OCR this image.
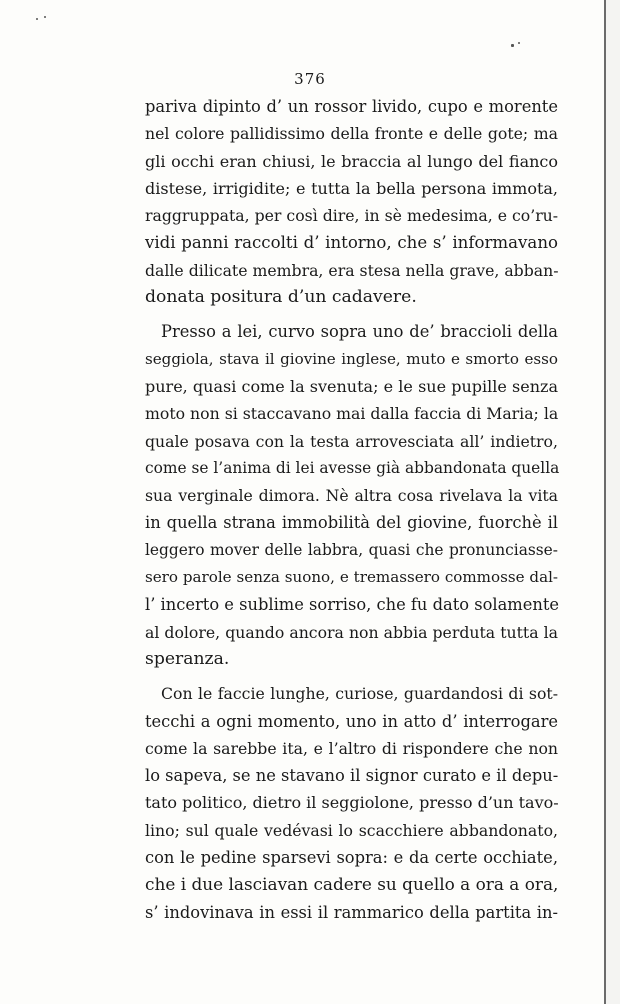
376
pariva dipinto d’ un rossor livido, cupo e morente
nel colore pallidissimo della fronte e delle gote; ma
gli occhi eran chiusi, le braccia al lungo del fianco
distese, irrigidite; e tutta la bella persona immota,
raggruppata, per così dire, in sè medesima, e co’ru-
vidi panni raccolti d’ intorno, che s’ informavano
dalle dilicate membra, era stesa nella grave, abban-
donata positura d’un cadavere.
Presso a lei, curvo sopra uno de’ braccioli della
seggiola, stava il giovine inglese, muto e smorto esso
pure, quasi come la svenuta; e le sue pupille senza
moto non si staccavano mai dalla faccia di Maria; la
quale posava con la testa arrovesciata all’ indietro,
come se l’anima di lei avesse già abbandonata quella
sua verginale dimora. Nè altra cosa rivelava la vita
in quella strana immobilità del giovine, fuorchè il
leggero mover delle labbra, quasi che pronunciasse-
sero parole senza suono, e tremassero commosse dal-
l’ incerto e sublime sorriso, che fu dato solamente
al dolore, quando ancora non abbia perduta tutta la
speranza.
Con le faccie lunghe, curiose, guardandosi di sot-
tecchi a ogni momento, uno in atto d’ interrogare
come la sarebbe ita, e l’altro di rispondere che non
lo sapeva, se ne stavano il signor curato e il depu-
tato politico, dietro il seggiolone, presso d’un tavo-
lino; sul quale vedévasi lo scacchiere abbandonato,
con le pedine sparsevi sopra: e da certe occhiate,
che i due lasciavan cadere su quello a ora a ora,
s’ indovinava in essi il rammarico della partita in-
